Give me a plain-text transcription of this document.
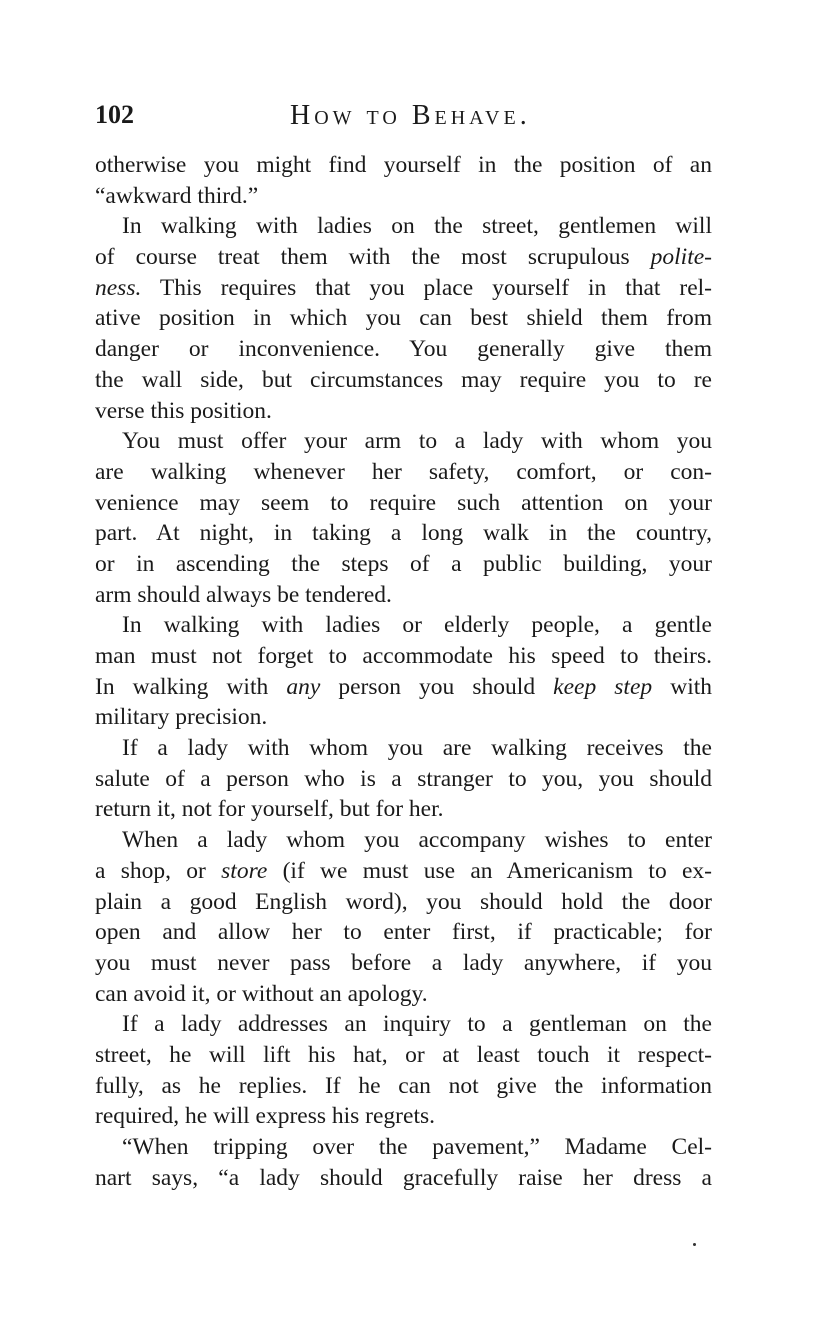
102	How to Behave.
otherwise you might find yourself in the position of an
“awkward third.”
In walking with ladies on the street, gentlemen will
of course treat them with the most scrupulous polite-
ness. This requires that you place yourself in that rel-
ative position in which you can best shield them from
danger or inconvenience. You generally give them
the wall side, but circumstances may require you to re
verse this position.
You must offer your arm to a lady with whom you
are walking whenever her safety, comfort, or con-
venience may seem to require such attention on your
part. At night, in taking a long walk in the country,
or in ascending the steps of a public building, your
arm should always be tendered.
In walking with ladies or elderly people, a gentle
man must not forget to accommodate his speed to theirs.
In walking with any person you should keep step with
military precision.
If a lady with whom you are walking receives the
salute of a person who is a stranger to you, you should
return it, not for yourself, but for her.
When a lady whom you accompany wishes to enter
a shop, or store (if we must use an Americanism to ex-
plain a good English word), you should hold the door
open and allow her to enter first, if practicable; for
you must never pass before a lady anywhere, if you
can avoid it, or without an apology.
If a lady addresses an inquiry to a gentleman on the
street, he will lift his hat, or at least touch it respect-
fully, as he replies. If he can not give the information
required, he will express his regrets.
“When tripping over the pavement,” Madame Cel-
nart says, “a lady should gracefully raise her dress a
